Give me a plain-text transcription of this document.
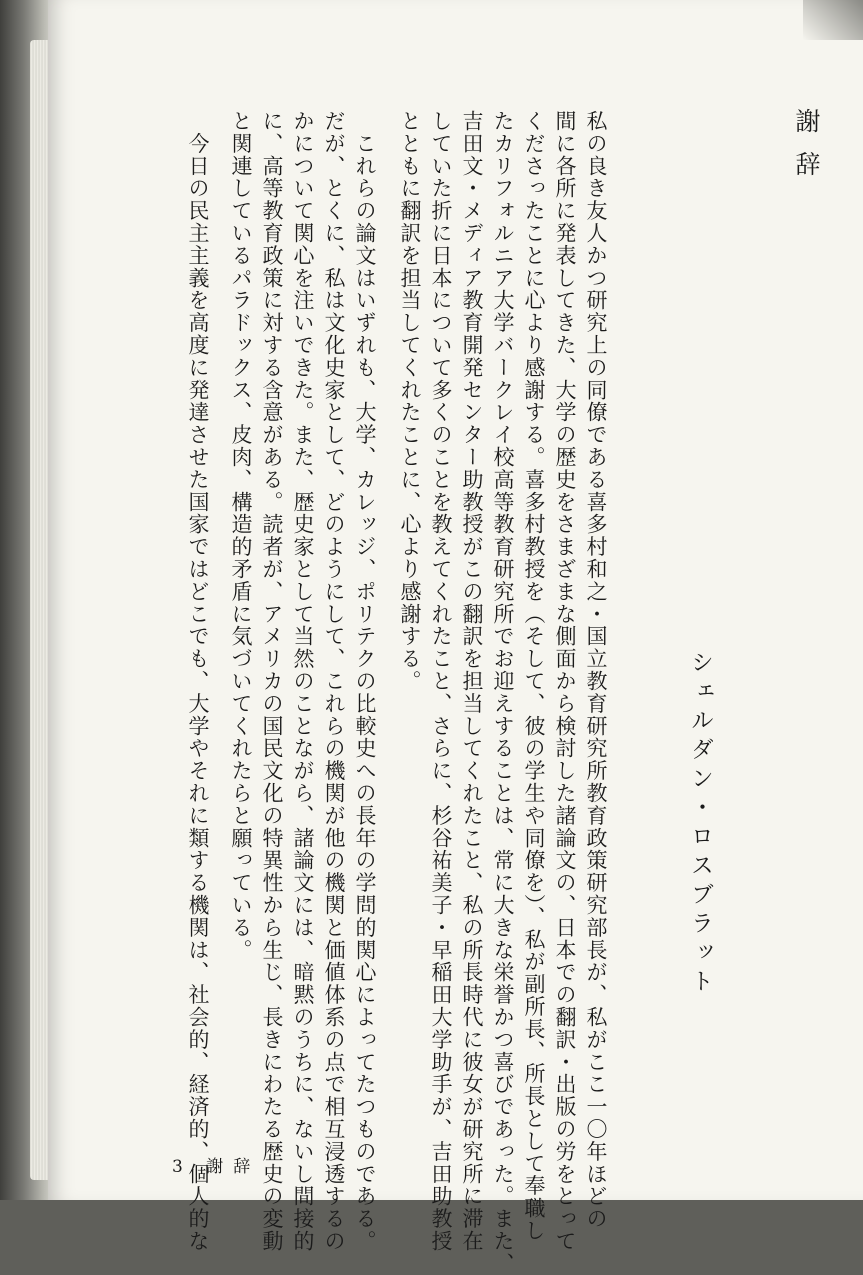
謝辞
私の良き友人かつ研究上の同僚である喜多村和之・国立教育研究所教育政策研究部長が、私がここ一〇年ほどの
間に各所に発表してきた、大学の歴史をさまざまな側面から検討した諸論文の、日本での翻訳・出版の労をとって
くださったことに心より感謝する。喜多村教授を（そして、彼の学生や同僚を）、私が副所長、所長として奉職し
たカリフォルニア大学バークレイ校高等教育研究所でお迎えすることは、常に大きな栄誉かつ喜びであった。また、
吉田文・メディア教育開発センター助教授がこの翻訳を担当してくれたこと、私の所長時代に彼女が研究所に滞在
していた折に日本について多くのことを教えてくれたこと、さらに、杉谷祐美子・早稲田大学助手が、吉田助教授
とともに翻訳を担当してくれたことに、心より感謝する。
　これらの論文はいずれも、大学、カレッジ、ポリテクの比較史への長年の学問的関心によってたつものである。
だが、とくに、私は文化史家として、どのようにして、これらの機関が他の機関と価値体系の点で相互浸透するの
かについて関心を注いできた。また、歴史家として当然のことながら、諸論文には、暗黙のうちに、ないし間接的
に、高等教育政策に対する含意がある。読者が、アメリカの国民文化の特異性から生じ、長きにわたる歴史の変動
と関連しているパラドックス、皮肉、構造的矛盾に気づいてくれたらと願っている。
　今日の民主主義を高度に発達させた国家ではどこでも、大学やそれに類する機関は、社会的、経済的、個人的な	シェルダン・ロスブラット
3 謝辞
